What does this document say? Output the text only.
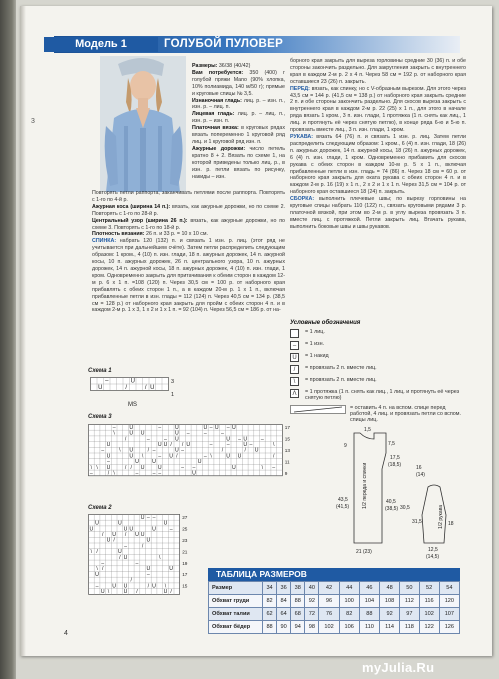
3
Модель 1	ГОЛУБОЙ ПУЛОВЕР

Размеры: 36/38 (40/42)

Вам потребуется: 350 (400) г голубой пряжи Mano (90% хлопка, 10% полиамида, 140 м/50 г); прямые и круговые спицы № 3,5.

Изнаночная гладь: лиц. р. – изн. п., изн. р. – лиц. п.

Лицевая гладь: лиц. р. – лиц. п., изн. р. – изн. п.

Платочная вязка: в круговых рядах вязать попеременно 1 круговой ряд лиц. и 1 круговой ряд изн. п.

Ажурные дорожки: число петель кратно 8 + 2. Вязать по схеме 1, на которой приведены только лиц. р., в изн. р. петли вязать по рисунку, накиды – изн.

Повторять петли раппорта, заканчивать петлями после раппорта. Повторять с 1-го по 4-й р.

Ажурная коса (ширина 14 п.): вязать, как ажурные дорожки, но по схеме 2. Повторять с 1-го по 28-й р.

Центральный узор (ширина 26 п.): вязать, как ажурные дорожки, но по схеме 3. Повторять с 1-го по 18-й р.

Плотность вязания: 26 п. и 33 р. = 10 х 10 см.

СПИНКА: набрать 120 (132) п. и связать 1 изн. р. лиц. (этот ряд не учитывается при дальнейшем счёте). Затем петли распределить следующим образом: 1 кром., 4 (10) п. изн. глади, 18 п. ажурных дорожек, 14 п. ажурной косы, 10 п. ажурных дорожек, 26 п. центрального узора, 10 п. ажурных дорожек, 14 п. ажурной косы, 18 п. ажурных дорожек, 4 (10) п. изн. глади, 1 кром. Одновременно закрыть для притачивания к обеим сторон в каждом 12-м р. 6 х 1 п. =108 (120) п. Через 30,5 см = 100 р. от наборного края прибавлять с обеих сторон 1 п., а в каждом 20-м р. 1 х 1 п., включая прибавленные петли в изн. глады = 112 (124) п. Через 40,5 см = 134 р. (38,5 см = 128 р.) от наборного края закрыть для пройм с обеих сторон 4 п. и в каждом 2-м р. 1 х 3, 1 х 2 и 1 х 1 п. = 92 (104) п. Через 56,5 см = 186 р. от на-

борного края закрыть для выреза горловины средние 30 (36) п. и обе стороны закончить раздельно. Для закругления закрыть с внутреннего края в каждом 2-м р. 2 х 4 п. Через 58 см = 192 р. от наборного края оставшиеся 23 (26) п. закрыть.

ПЕРЕД: вязать, как спинку, но с V-образным вырезом. Для этого через 43,5 см = 144 р. (41,5 см = 138 р.) от наборного края закрыть средние 2 п. и обе стороны закончить раздельно. Для скосов выреза закрыть с внутреннего края в каждом 2-м р. 22 (25) х 1 п., для этого в начале ряда вязать 1 кром., 3 п. изн. глади, 1 протяжка (1 п. снять как лиц., 1 лиц. и протянуть её через снятую петлю), в конце ряда 6-ю и 5-ю п. провязать вместе лиц., 3 п. изн. глади, 1 кром.

РУКАВА: вязать 64 (76) п. и связать 1 изн. р. лиц. Затем петли распределить следующим образом: 1 кром., 6 (4) п. изн. глади, 18 (26) п. ажурных дорожек, 14 п. ажурной косы, 18 (26) п. ажурных дорожек, 6 (4) п. изн. глади, 1 кром. Одновременно прибавить для скосов рукава с обеих сторон в каждом 10-м р. 5 х 1 п., включая прибавленные петли в изн. гладь = 74 (86) п. Через 18 см = 60 р. от наборного края закрыть для оката рукава с обеих сторон 4 п. и в каждом 2-м р. 16 (19) х 1 п., 2 х 2 и 1 х 1 п. Через 31,5 см = 104 р. от наборного края оставшиеся 18 (24) п. закрыть.

СБОРКА: выполнить плечевые швы; по вырезу горловины на круговые спицы набрать 110 (122) п., связать круговыми рядами 3 р. платочной вязкой, при этом во 2-м р. в углу выреза провязать 3 п. вместе лиц. с протяжкой. Петли закрыть лиц. Втачать рукава, выполнить боковые швы и швы рукавов.

Условные обозначения
= 1 лиц.
–	= 1 изн.
U	= 1 накид
/	= провязать 2 п. вместе лиц.
\	= провязать 2 п. вместе лиц.
Λ	= 1 протяжка (1 п. снять как лиц., 1 лиц. и протянуть её через снятую петлю)
= оставить 4 п. на вспом. спице перед работой, 4 лиц. и провязать петли со вспом. спицы лиц.
Схема 1
–	U
U	/	/ U
3
1
MS
Схема 3
–	U	–	U	U – U – U
\	U U	U –	–	–
/	–	– U	U – U	–
U	U U / / U	–	–	U –	\
–	\ U	/ –	U –	/	/ U
U	U \	– U /	– \	U U	/
–	U	U	U
\ \ U	/ / U	U	– –	U	\ –
–	/ \	–	– –	U
17
15
13
11
9
Схема 2
U – –
U	U	U
U	U U	U	–
/ U / U U
U /	U
–	/
\ /	U
/ U	\
–	–
\ /	U	U
U	–
/
–	U U	/ U \
U \	U /	U /
27
25
23
21
19
17
15
1,5
7,5
9
17,5
(18,5)	16
(14)
43,5
(41,5)
40,5
(38,5) 30,5
21 (23)
31,5	18
12,5
(14,5)
1/2 переда и спинки
1/2 рукава
ТАБЛИЦА РАЗМЕРОВ
Размер	34	36	38	40	42	44	46	48	50	52	54
Обхват груди	82	84	88	92	96	100	104	108	112	116	120
Обхват талии	62	64	68	72	76	82	88	92	97	102	107
Обхват бёдер	88	90	94	98	102	106	110	114	118	122	126
4
myJulia.Ru
